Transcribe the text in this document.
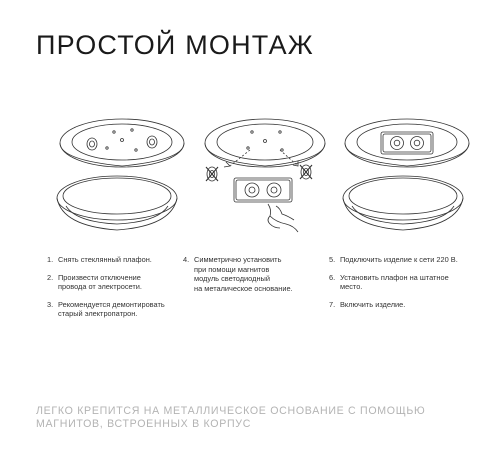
ПРОСТОЙ МОНТАЖ
1. Снять стеклянный плафон.
2. Произвести отключение
провода от электросети.
3. Рекомендуется демонтировать
старый электропатрон.
4. Симметрично установить
при помощи магнитов
модуль светодиодный
на металическое основание.
5. Подключить изделие к сети 220 В.
6. Установить плафон на штатное
место.
7. Включить изделие.

ЛЕГКО КРЕПИТСЯ НА МЕТАЛЛИЧЕСКОЕ ОСНОВАНИЕ С ПОМОЩЬЮ
МАГНИТОВ, ВСТРОЕННЫХ В КОРПУС
